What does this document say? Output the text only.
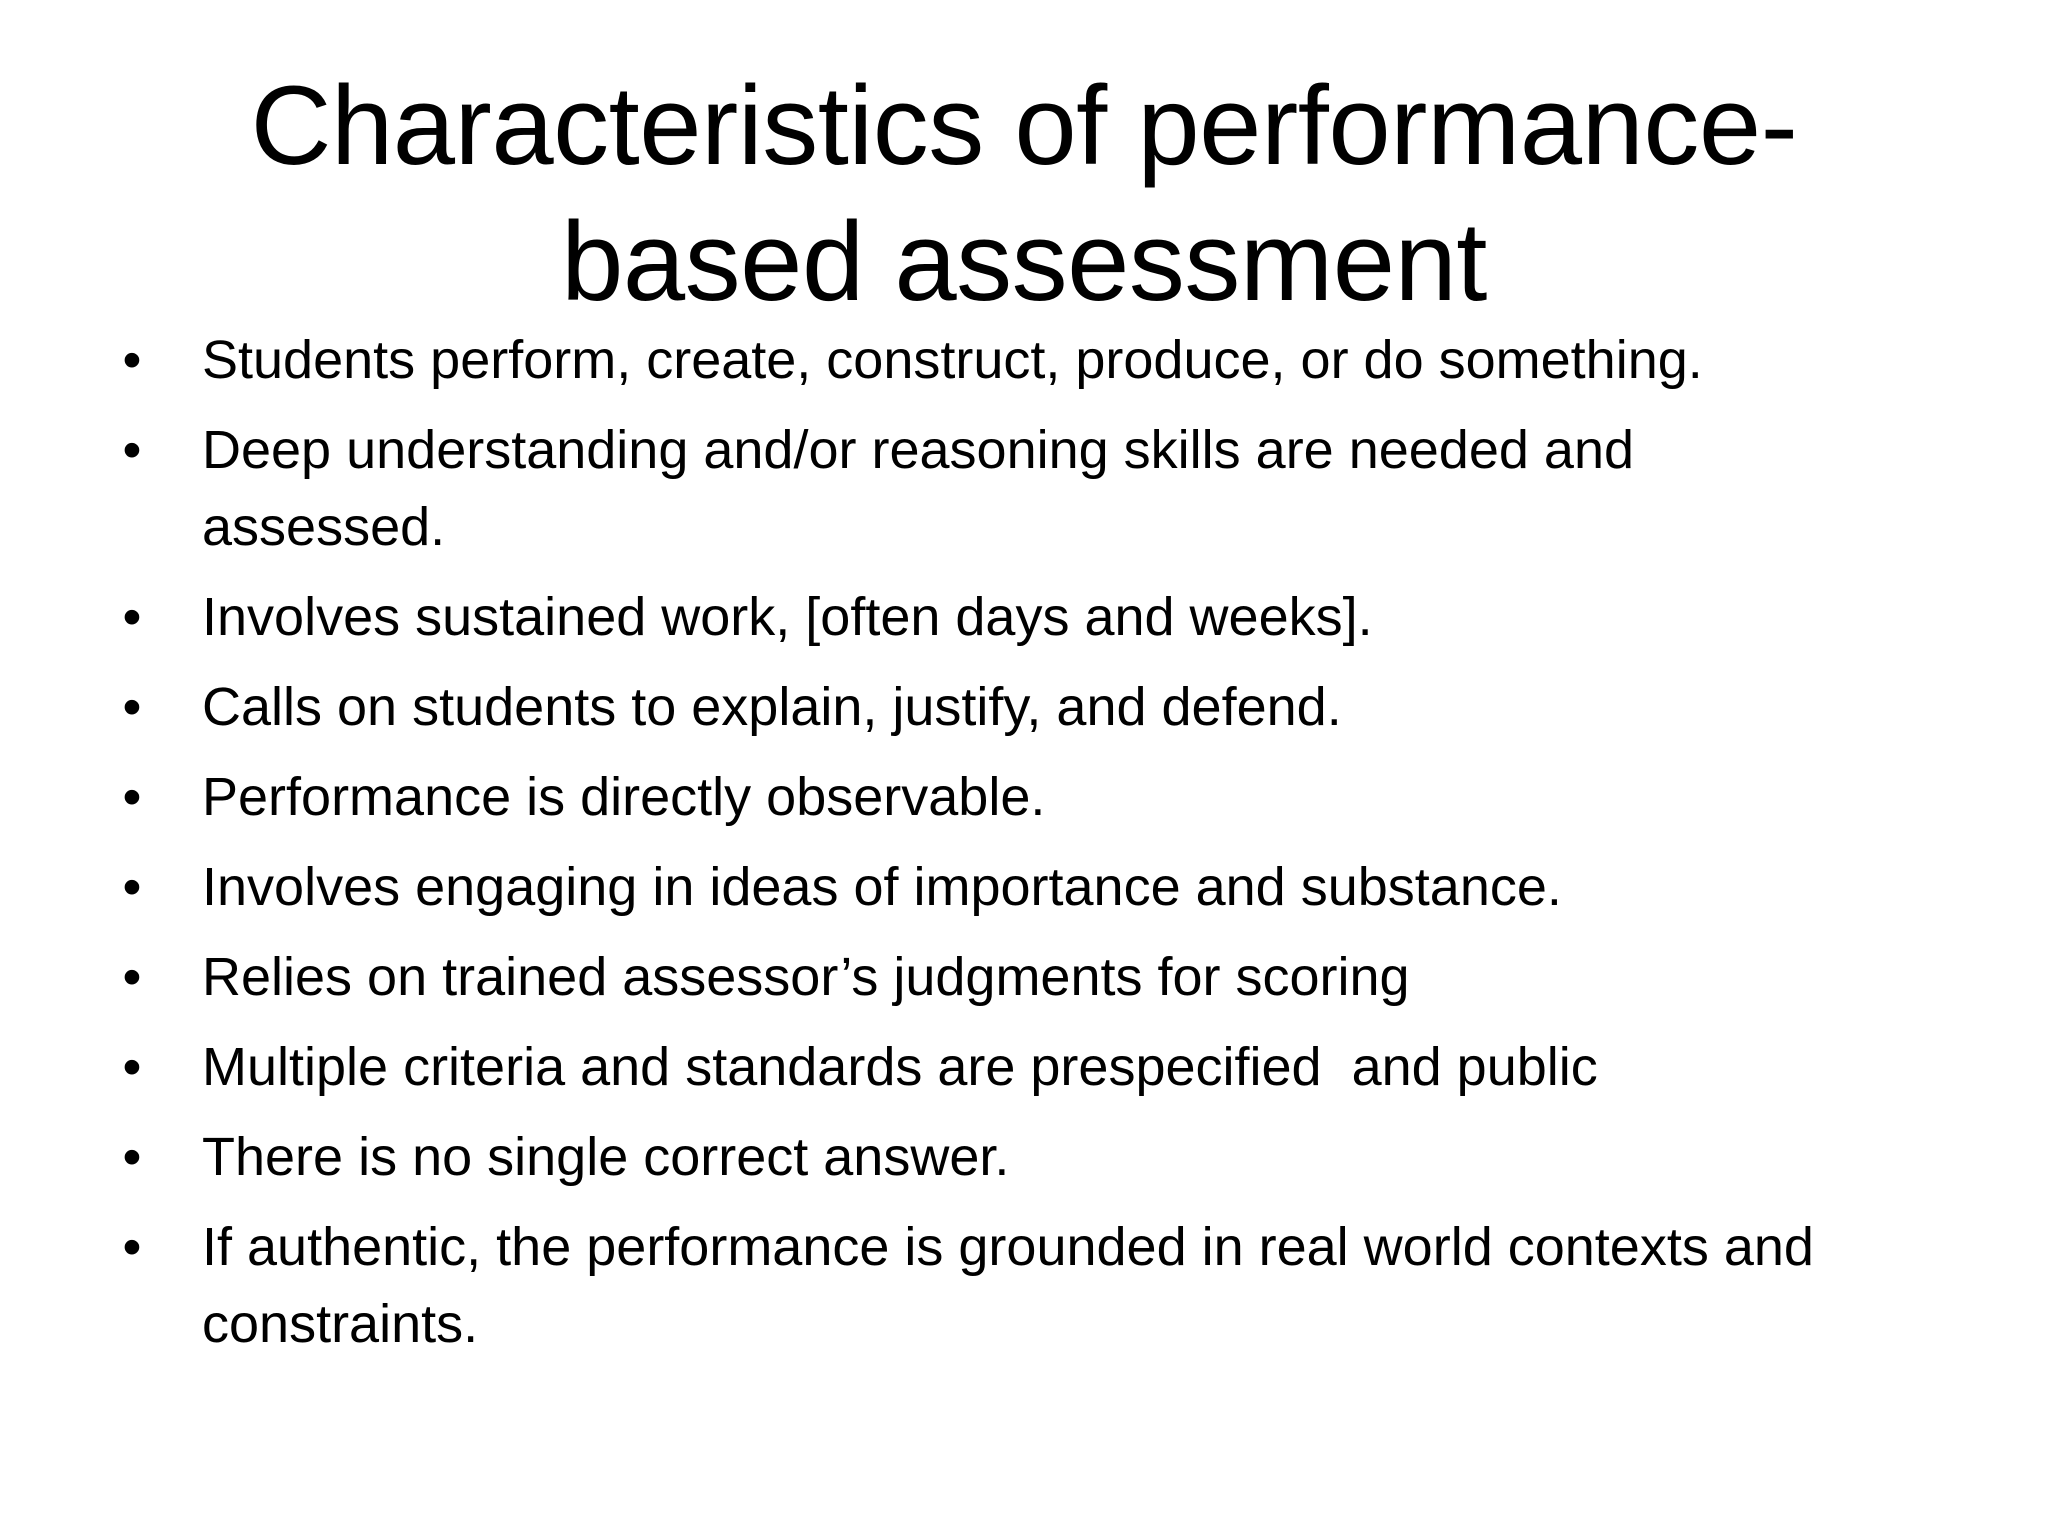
Characteristics of performance-based assessment
• Students perform, create, construct, produce, or do something.
• Deep understanding and/or reasoning skills are needed and assessed.
• Involves sustained work, [often days and weeks].
• Calls on students to explain, justify, and defend.
• Performance is directly observable.
• Involves engaging in ideas of importance and substance.
• Relies on trained assessor’s judgments for scoring
• Multiple criteria and standards are prespecified  and public
• There is no single correct answer.
• If authentic, the performance is grounded in real world contexts and constraints.
